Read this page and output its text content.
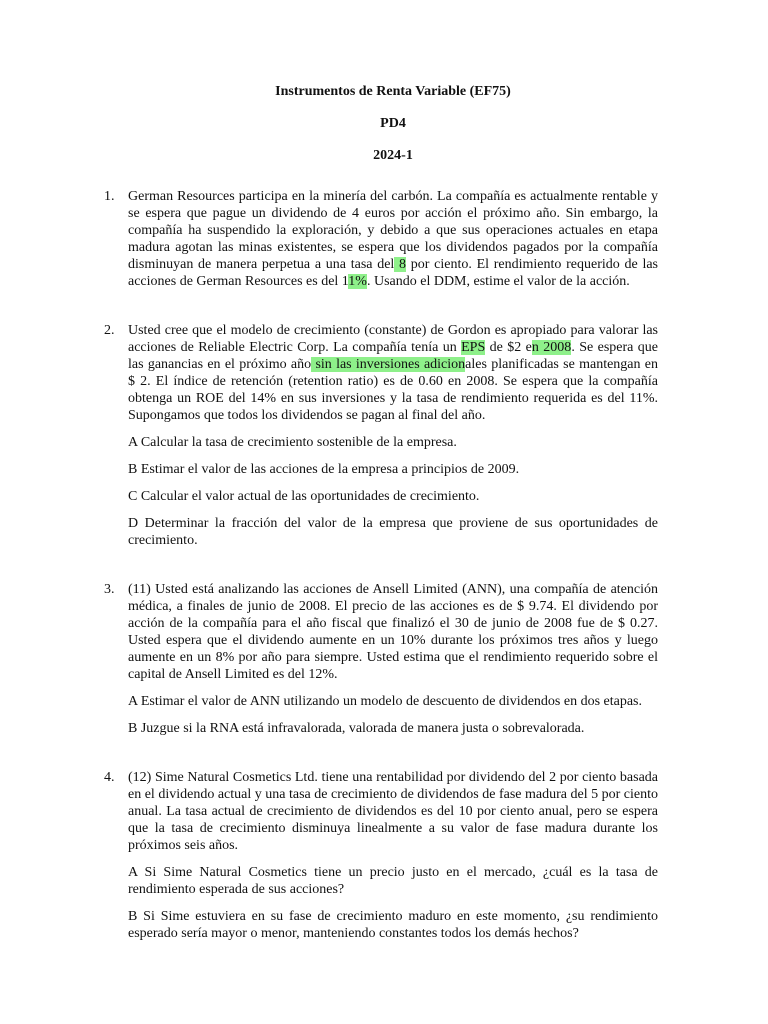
Instrumentos de Renta Variable (EF75)
PD4
2024-1
1. German Resources participa en la minería del carbón. La compañía es actualmente rentable y se espera que pague un dividendo de 4 euros por acción el próximo año. Sin embargo, la compañía ha suspendido la exploración, y debido a que sus operaciones actuales en etapa madura agotan las minas existentes, se espera que los dividendos pagados por la compañía disminuyan de manera perpetua a una tasa del 8 por ciento. El rendimiento requerido de las acciones de German Resources es del 11%. Usando el DDM, estime el valor de la acción.

2. Usted cree que el modelo de crecimiento (constante) de Gordon es apropiado para valorar las acciones de Reliable Electric Corp. La compañía tenía un EPS de $2 en 2008. Se espera que las ganancias en el próximo año sin las inversiones adicionales planificadas se mantengan en $ 2. El índice de retención (retention ratio) es de 0.60 en 2008. Se espera que la compañía obtenga un ROE del 14% en sus inversiones y la tasa de rendimiento requerida es del 11%. Supongamos que todos los dividendos se pagan al final del año.

A Calcular la tasa de crecimiento sostenible de la empresa.

B Estimar el valor de las acciones de la empresa a principios de 2009.

C Calcular el valor actual de las oportunidades de crecimiento.

D Determinar la fracción del valor de la empresa que proviene de sus oportunidades de crecimiento.

3. (11) Usted está analizando las acciones de Ansell Limited (ANN), una compañía de atención médica, a finales de junio de 2008. El precio de las acciones es de $ 9.74. El dividendo por acción de la compañía para el año fiscal que finalizó el 30 de junio de 2008 fue de $ 0.27. Usted espera que el dividendo aumente en un 10% durante los próximos tres años y luego aumente en un 8% por año para siempre. Usted estima que el rendimiento requerido sobre el capital de Ansell Limited es del 12%.

A Estimar el valor de ANN utilizando un modelo de descuento de dividendos en dos etapas.

B Juzgue si la RNA está infravalorada, valorada de manera justa o sobrevalorada.

4. (12) Sime Natural Cosmetics Ltd. tiene una rentabilidad por dividendo del 2 por ciento basada en el dividendo actual y una tasa de crecimiento de dividendos de fase madura del 5 por ciento anual. La tasa actual de crecimiento de dividendos es del 10 por ciento anual, pero se espera que la tasa de crecimiento disminuya linealmente a su valor de fase madura durante los próximos seis años.

A Si Sime Natural Cosmetics tiene un precio justo en el mercado, ¿cuál es la tasa de rendimiento esperada de sus acciones?

B Si Sime estuviera en su fase de crecimiento maduro en este momento, ¿su rendimiento esperado sería mayor o menor, manteniendo constantes todos los demás hechos?
